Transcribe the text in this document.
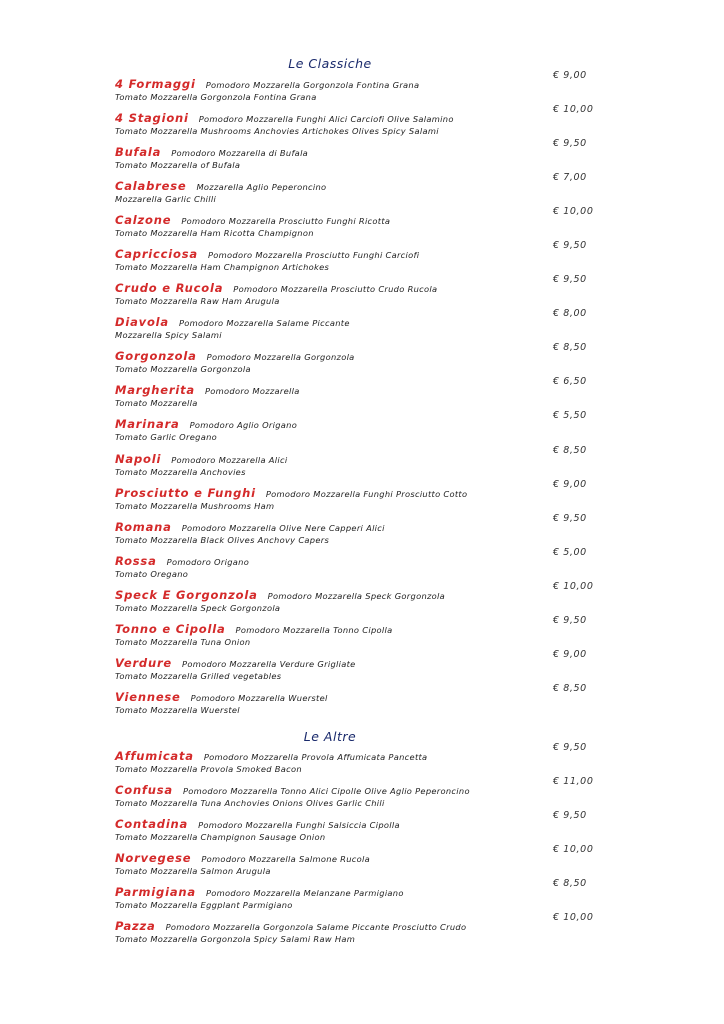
Le Classiche
4 Formaggi Pomodoro Mozzarella Gorgonzola Fontina Grana
€ 9,00
Tomato Mozzarella Gorgonzola Fontina Grana
4 Stagioni Pomodoro Mozzarella Funghi Alici Carciofi Olive Salamino
€ 10,00
Tomato Mozzarella Mushrooms Anchovies Artichokes Olives Spicy Salami
Bufala Pomodoro Mozzarella di Bufala
€ 9,50
Tomato Mozzarella of Bufala
Calabrese Mozzarella Aglio Peperoncino
€ 7,00
Mozzarella Garlic Chilli
Calzone Pomodoro Mozzarella Prosciutto Funghi Ricotta
€ 10,00
Tomato Mozzarella Ham Ricotta Champignon
Capricciosa Pomodoro Mozzarella Prosciutto Funghi Carciofi
€ 9,50
Tomato Mozzarella Ham Champignon Artichokes
Crudo e Rucola Pomodoro Mozzarella Prosciutto Crudo Rucola
€ 9,50
Tomato Mozzarella Raw Ham Arugula
Diavola Pomodoro Mozzarella Salame Piccante
€ 8,00
Mozzarella Spicy Salami
Gorgonzola Pomodoro Mozzarella Gorgonzola
€ 8,50
Tomato Mozzarella Gorgonzola
Margherita Pomodoro Mozzarella
€ 6,50
Tomato Mozzarella
Marinara Pomodoro Aglio Origano
€ 5,50
Tomato Garlic Oregano
Napoli Pomodoro Mozzarella Alici
€ 8,50
Tomato Mozzarella Anchovies
Prosciutto e Funghi Pomodoro Mozzarella Funghi Prosciutto Cotto
€ 9,00
Tomato Mozzarella Mushrooms Ham
Romana Pomodoro Mozzarella Olive Nere Capperi Alici
€ 9,50
Tomato Mozzarella Black Olives Anchovy Capers
Rossa Pomodoro Origano
€ 5,00
Tomato Oregano
Speck E Gorgonzola Pomodoro Mozzarella Speck Gorgonzola
€ 10,00
Tomato Mozzarella Speck Gorgonzola
Tonno e Cipolla Pomodoro Mozzarella Tonno Cipolla
€ 9,50
Tomato Mozzarella Tuna Onion
Verdure Pomodoro Mozzarella Verdure Grigliate
€ 9,00
Tomato Mozzarella Grilled vegetables
Viennese Pomodoro Mozzarella Wuerstel
€ 8,50
Tomato Mozzarella Wuerstel
Le Altre
Affumicata Pomodoro Mozzarella Provola Affumicata Pancetta
€ 9,50
Tomato Mozzarella Provola Smoked Bacon
Confusa Pomodoro Mozzarella Tonno Alici Cipolle Olive Aglio Peperoncino
€ 11,00
Tomato Mozzarella Tuna Anchovies Onions Olives Garlic Chili
Contadina Pomodoro Mozzarella Funghi Salsiccia Cipolla
€ 9,50
Tomato Mozzarella Champignon Sausage Onion
Norvegese Pomodoro Mozzarella Salmone Rucola
€ 10,00
Tomato Mozzarella Salmon Arugula
Parmigiana Pomodoro Mozzarella Melanzane Parmigiano
€ 8,50
Tomato Mozzarella Eggplant Parmigiano
Pazza Pomodoro Mozzarella Gorgonzola Salame Piccante Prosciutto Crudo
€ 10,00
Tomato Mozzarella Gorgonzola Spicy Salami Raw Ham
